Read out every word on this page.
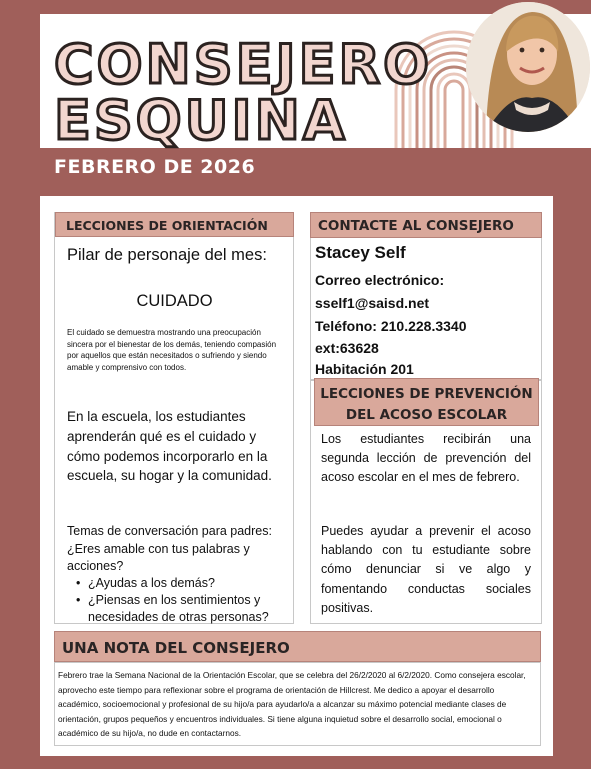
CONSEJERO
ESQUINA
FEBRERO DE 2026
LECCIONES DE ORIENTACIÓN
Pilar de personaje del mes:
CUIDADO
El cuidado se demuestra mostrando una preocupación sincera por el bienestar de los demás, teniendo compasión por aquellos que están necesitados o sufriendo y siendo amable y comprensivo con todos.
En la escuela, los estudiantes aprenderán qué es el cuidado y cómo podemos incorporarlo en la escuela, su hogar y la comunidad.
Temas de conversación para padres:
¿Eres amable con tus palabras y acciones?
• ¿Ayudas a los demás?
• ¿Piensas en los sentimientos y necesidades de otras personas?
CONTACTE AL CONSEJERO
Stacey Self
Correo electrónico:
sself1@saisd.net
Teléfono: 210.228.3340
ext:63628
Habitación 201
LECCIONES DE PREVENCIÓN
DEL ACOSO ESCOLAR
Los estudiantes recibirán una segunda lección de prevención del acoso escolar en el mes de febrero.
Puedes ayudar a prevenir el acoso hablando con tu estudiante sobre cómo denunciar si ve algo y fomentando conductas sociales positivas.
UNA NOTA DEL CONSEJERO
Febrero trae la Semana Nacional de la Orientación Escolar, que se celebra del 26/2/2020 al 6/2/2020. Como consejera escolar, aprovecho este tiempo para reflexionar sobre el programa de orientación de Hillcrest. Me dedico a apoyar el desarrollo académico, socioemocional y profesional de su hijo/a para ayudarlo/a a alcanzar su máximo potencial mediante clases de orientación, grupos pequeños y encuentros individuales. Si tiene alguna inquietud sobre el desarrollo social, emocional o académico de su hijo/a, no dude en contactarnos.
